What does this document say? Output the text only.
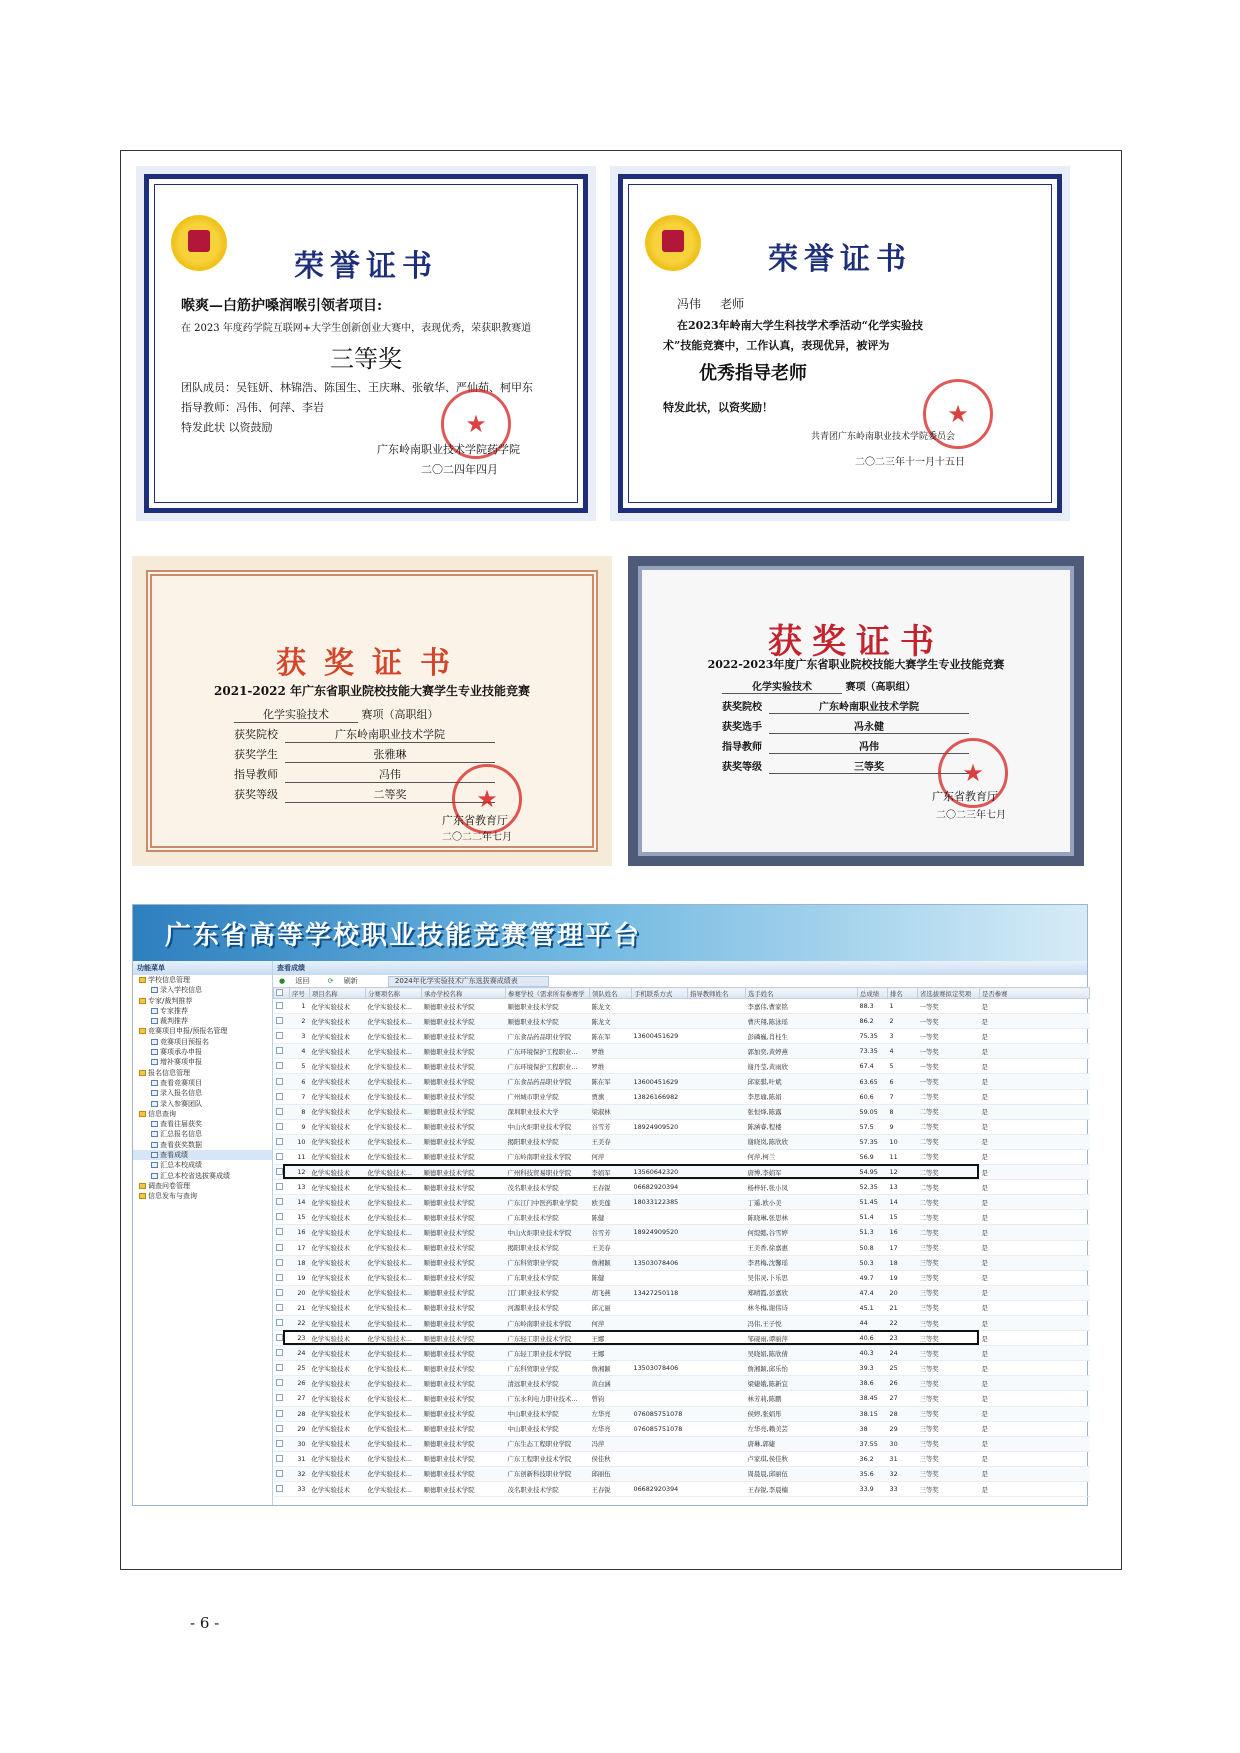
荣誉证书
喉爽—白筋护嗓润喉引领者项目:
在 2023 年度药学院互联网+大学生创新创业大赛中，表现优秀，荣获职教赛道
三等奖
团队成员：吴钰妍、林锦浩、陈国生、王庆琳、张敏华、严仙茹、柯甲东
指导教师：冯伟、何萍、李岩
特发此状 以资鼓励	★
广东岭南职业技术学院药学院
二〇二四年四月
荣誉证书
冯伟 老师
在2023年岭南大学生科技学术季活动“化学实验技
术”技能竞赛中，工作认真，表现优异，被评为
优秀指导老师
特发此状，以资奖励！	★
共青团广东岭南职业技术学院委员会
二〇二三年十一月十五日
获奖证书
2021-2022 年广东省职业院校技能大赛学生专业技能竞赛
化学实验技术	赛项（高职组）
获奖院校	广东岭南职业技术学院
获奖学生	张雅琳
指导教师	冯伟
获奖等级	二等奖	★
广东省教育厅
二〇二二年七月
获奖证书
2022-2023年度广东省职业院校技能大赛学生专业技能竞赛
化学实验技术	赛项（高职组）
获奖院校	广东岭南职业技术学院
获奖选手	冯永健
指导教师	冯伟
获奖等级	三等奖	★
广东省教育厅
二〇二三年七月
广东省高等学校职业技能竞赛管理平台
功能菜单
学校信息管理
录入学校信息
专家/裁判推荐
专家推荐
裁判推荐
竞赛项目申报/预报名管理
竞赛项目预报名
赛项承办申报
增补赛项申报
报名信息管理
查看竞赛项目
录入报名信息
录入参赛团队
信息查询
查看往届获奖
汇总报名信息
查看获奖数据
查看成绩
汇总本校成绩
汇总本校省选拔赛成绩
调查问卷管理
信息发布与查询
查看成绩
● 返回	⟳ 刷新	2024年化学实验技术广东选拔赛成绩表
	序号	项目名称	分赛项名称	承办学校名称	参赛学校（需求所有参赛学	领队姓名	手机联系方式	指导教师姓名	选手姓名	总成绩	排名	省选拔赛拟定奖项	是否参赛
	1	化学实验技术	化学实验技术...	顺德职业技术学院	顺德职业技术学院	陈龙文			李嘉伟,曹家铭	88.3	1	一等奖	是
	2	化学实验技术	化学实验技术...	顺德职业技术学院	顺德职业技术学院	陈龙文			曹庆翔,陈泳瑶	86.2	2	一等奖	是
	3	化学实验技术	化学实验技术...	顺德职业技术学院	广东食品药品职业学院	陈在军	13600451629		彭磷巍,肖桂生	75.35	3	一等奖	是
	4	化学实验技术	化学实验技术...	顺德职业技术学院	广东环境保护工程职业...	罗维			郭加奕,黄婷燕	73.35	4	一等奖	是
	5	化学实验技术	化学实验技术...	顺德职业技术学院	广东环境保护工程职业...	罗维			谢丹莹,黄雨欣	67.4	5	一等奖	是
	6	化学实验技术	化学实验技术...	顺德职业技术学院	广东食品药品职业学院	陈在军	13600451629		邱家骐,叶斌	63.65	6	一等奖	是
	7	化学实验技术	化学实验技术...	顺德职业技术学院	广州城市职业学院	贾旗	13826166982		李思瑜,陈娟	60.6	7	二等奖	是
	8	化学实验技术	化学实验技术...	顺德职业技术学院	深圳职业技术大学	梁淑林			张恒烽,陈露	59.05	8	二等奖	是
	9	化学实验技术	化学实验技术...	顺德职业技术学院	中山火炬职业技术学院	谷雪芳	18924909520		陈涵睿,程楼	57.5	9	二等奖	是
	10	化学实验技术	化学实验技术...	顺德职业技术学院	揭阳职业技术学院	王美春			谢晓岚,陈欣欣	57.35	10	二等奖	是
	11	化学实验技术	化学实验技术...	顺德职业技术学院	广东岭南职业技术学院	何萍			何萍,柯兰	56.9	11	二等奖	是
	12	化学实验技术	化学实验技术...	顺德职业技术学院	广州科技贸易职业学院	李娟军	13560642320		唐博,李娟军	54.95	12	二等奖	是
	13	化学实验技术	化学实验技术...	顺德职业技术学院	茂名职业技术学院	王春锐	06682920394		杨梓轩,张小凤	52.35	13	二等奖	是
	14	化学实验技术	化学实验技术...	顺德职业技术学院	广东江门中医药职业学院	欧美莲	18033122385		丁遥,欧小美	51.45	14	二等奖	是
	15	化学实验技术	化学实验技术...	顺德职业技术学院	广东职业技术学院	陈健			陈晓琳,张思林	51.4	15	二等奖	是
	16	化学实验技术	化学实验技术...	顺德职业技术学院	中山火炬职业技术学院	谷雪芳	18924909520		何缇懿,谷雪婷	51.3	16	二等奖	是
	17	化学实验技术	化学实验技术...	顺德职业技术学院	揭阳职业技术学院	王美春			王美香,徐嘉惠	50.8	17	三等奖	是
	18	化学实验技术	化学实验技术...	顺德职业技术学院	广东科贸职业学院	詹湘颖	13503078406		李君梅,沈馨瑶	50.3	18	三等奖	是
	19	化学实验技术	化学实验技术...	顺德职业技术学院	广东职业技术学院	陈健			吴伟灵,卜乐思	49.7	19	三等奖	是
	20	化学实验技术	化学实验技术...	顺德职业技术学院	江门职业技术学院	胡飞燕	13427250118		郑晴霞,彭嘉欣	47.4	20	三等奖	是
	21	化学实验技术	化学实验技术...	顺德职业技术学院	河源职业技术学院	邱元丽			林冬梅,谢伟诗	45.1	21	三等奖	是
	22	化学实验技术	化学实验技术...	顺德职业技术学院	广东岭南职业技术学院	何萍			冯伟,王子悦	44	22	三等奖	是
	23	化学实验技术	化学实验技术...	顺德职业技术学院	广东轻工职业技术学院	王娜			邹砚雨,谭丽萍	40.6	23	三等奖	是
	24	化学实验技术	化学实验技术...	顺德职业技术学院	广东轻工职业技术学院	王娜			吴晓娟,陈欣倩	40.3	24	三等奖	是
	25	化学实验技术	化学实验技术...	顺德职业技术学院	广东科贸职业学院	詹湘颖	13503078406		詹湘颖,邱乐怡	39.3	25	三等奖	是
	26	化学实验技术	化学实验技术...	顺德职业技术学院	清远职业技术学院	黄白涵			梁婕娥,陈新宜	38.6	26	三等奖	是
	27	化学实验技术	化学实验技术...	顺德职业技术学院	广东水利电力职业技术...	曾钧			林芳莉,陈鹏	38.45	27	三等奖	是
	28	化学实验技术	化学实验技术...	顺德职业技术学院	中山职业技术学院	左华亮	076085751078		侯婷,张娟彤	38.15	28	三等奖	是
	29	化学实验技术	化学实验技术...	顺德职业技术学院	中山职业技术学院	左华亮	076085751078		左华亮,赖美芸	38	29	三等奖	是
	30	化学实验技术	化学实验技术...	顺德职业技术学院	广东生态工程职业学院	冯萍			唐琳,郭婕	37.55	30	三等奖	是
	31	化学实验技术	化学实验技术...	顺德职业技术学院	广东工程职业技术学院	侯佳秋			卢家琪,侯佳秋	36.2	31	三等奖	是
	32	化学实验技术	化学实验技术...	顺德职业技术学院	广东创新科技职业学院	邱丽伍			周晨晨,邱丽伍	35.6	32	三等奖	是
	33	化学实验技术	化学实验技术...	顺德职业技术学院	茂名职业技术学院	王春锐	06682920394		王春锐,李晨楠	33.9	33	三等奖	是
- 6 -
